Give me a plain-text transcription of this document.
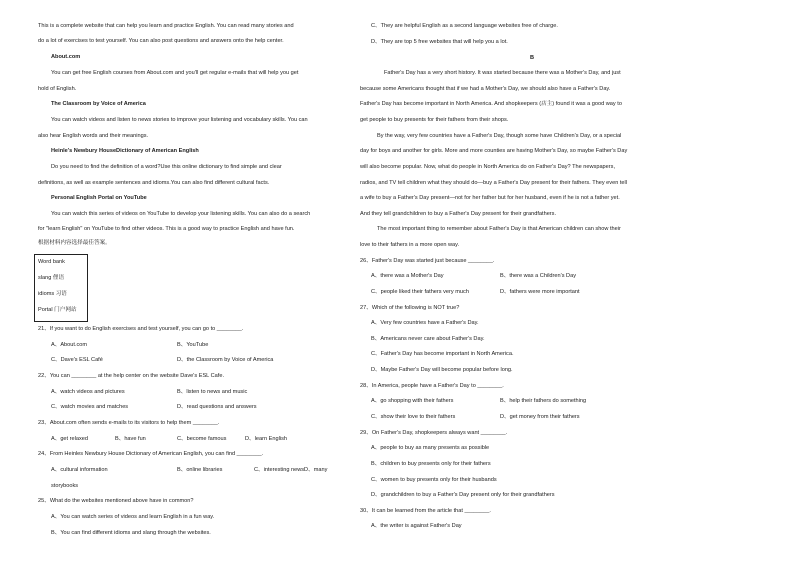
This is a complete website that can help you learn and practice English. You can read many stories and
do a lot of exercises to test yourself. You can also post questions and answers onto the help center.
About.com
You can get free English courses from About.com and you'll get regular e-mails that will help you get
hold of English.
The Classroom by Voice of America
You can watch videos and listen to news stories to improve your listening and vocabulary skills. You can
also hear English words and their meanings.
Heinle's Newbury HouseDictionary of American English
Do you need to find the definition of a word?Use this online dictionary to find simple and clear
definitions, as well as example sentences and idioms.You can also find different cultural facts.
Personal English Portal on YouTube
You can watch this series of videos on YouTube to develop your listening skills. You can also do a search
for "learn English" on YouTube to find other videos. This is a good way to practice English and have fun.
根据材料内容选择最佳答案。
Word bank
slang 俚语
idioms 习语
Portal 门户网站
21、If you want to do English exercises and test yourself, you can go to ________.
A、About.com	B、YouTube
C、Dave's ESL Café	D、the Classroom by Voice of America
22、You can ________ at the help center on the website Dave's ESL Cafe.
A、watch videos and pictures	B、listen to news and music
C、watch movies and matches	D、read questions and answers
23、About.com often sends e-mails to its visitors to help them ________.
A、get relaxed	B、have fun	C、become famous	D、learn English
24、From Heinles Newbury House Dictionary of American English, you can find ________.
A、cultural information	B、online libraries	C、interesting newsD、many
storybooks
25、What do the websites mentioned above have in common?
A、You can watch series of videos and learn English in a fun way.
B、You can find different idioms and slang through the websites.
C、They are helpful English as a second language websites free of charge.
D、They are top 5 free websites that will help you a lot.
B
Father's Day has a very short history. It was started because there was a Mother's Day, and just
because some Americans thought that if we had a Mother's Day, we should also have a Father's Day.
Father's Day has become important in North America. And shopkeepers (店主) found it was a good way to
get people to buy presents for their fathers from their shops.
By the way, very few countries have a Father's Day, though some have Children's Day, or a special
day for boys and another for girls. More and more counties are having Mother's Day, so maybe Father's Day
will also become popular. Now, what do people in North America do on Father's Day? The newspapers,
radios, and TV tell children what they should do—buy a Father's Day present for their fathers. They even tell
a wife to buy a Father's Day present—not for her father but for her husband, even if he is not a father yet.
And they tell grandchildren to buy a Father's Day present for their grandfathers.
The most important thing to remember about Father's Day is that American children can show their
love to their fathers in a more open way.
26、Father's Day was started just because ________.
A、there was a Mother's Day	B、there was a Children's Day
C、people liked their fathers very much	D、fathers were more important
27、Which of the following is NOT true?
A、Very few countries have a Father's Day.
B、Americans never care about Father's Day.
C、Father's Day has become important in North America.
D、Maybe Father's Day will become popular before long.
28、In America, people have a Father's Day to ________.
A、go shopping with their fathers	B、help their fathers do something
C、show their love to their fathers	D、get money from their fathers
29、On Father's Day, shopkeepers always want ________.
A、people to buy as many presents as possible
B、children to buy presents only for their fathers
C、women to buy presents only for their husbands
D、grandchildren to buy a Father's Day present only for their grandfathers
30、It can be learned from the article that ________.
A、the writer is against Father's Day
